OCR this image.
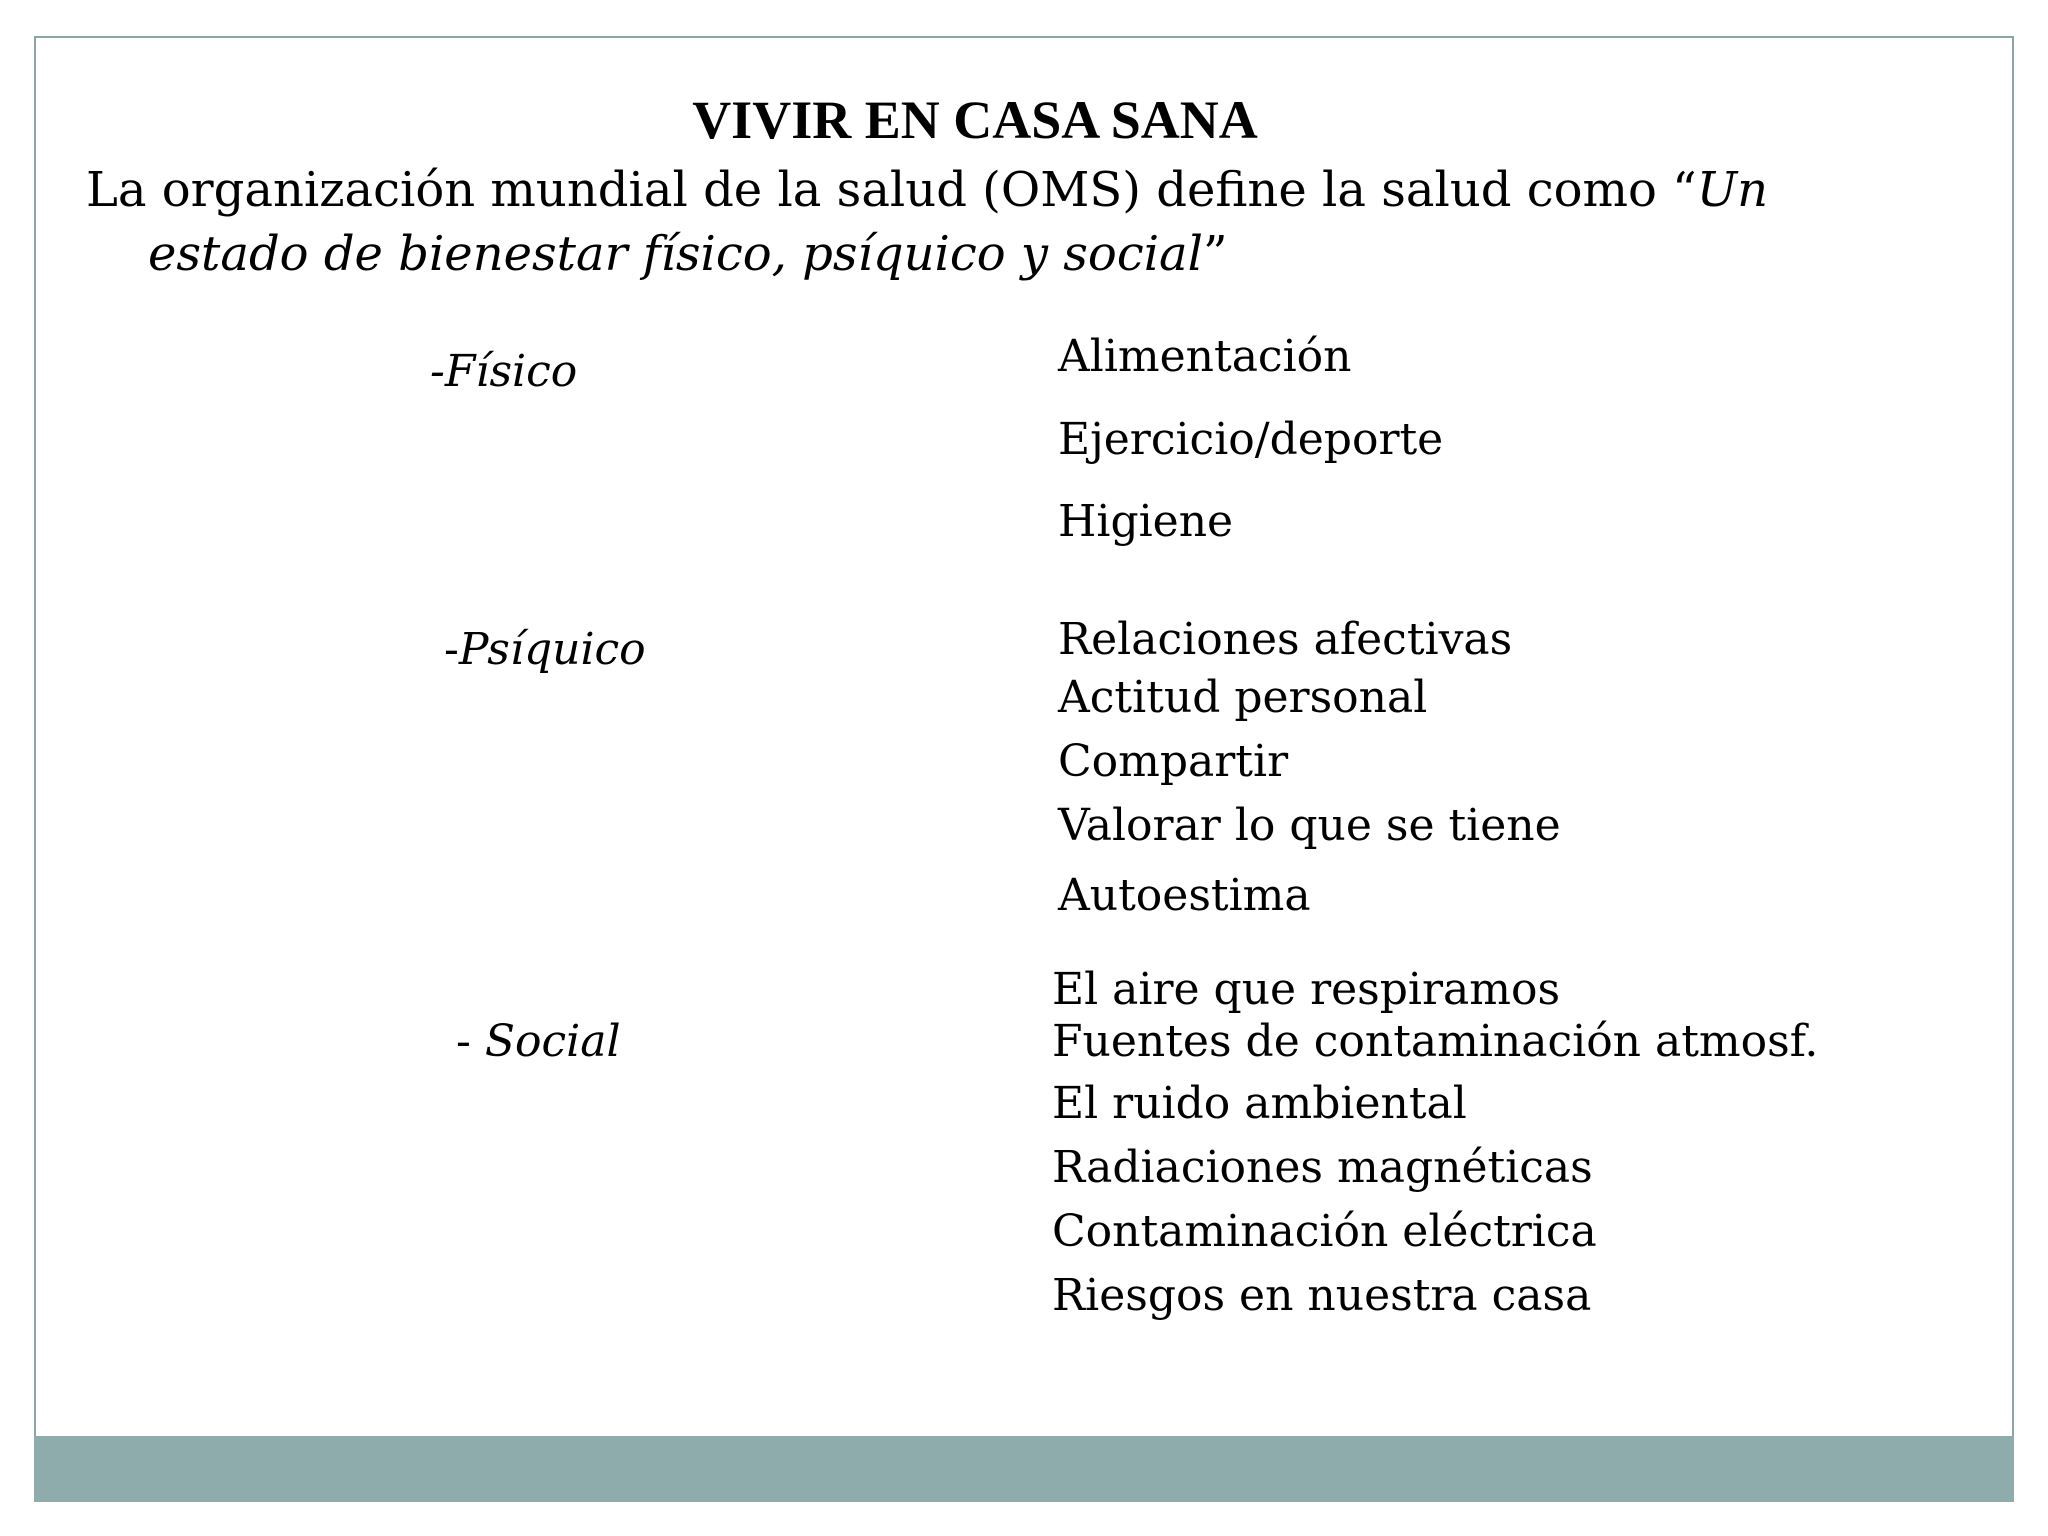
VIVIR EN CASA SANA
La organización mundial de la salud (OMS) define la salud como “Un
estado de bienestar físico, psíquico y social”
-Físico
-Psíquico
- Social
Alimentación
Ejercicio/deporte
Higiene
Relaciones afectivas
Actitud personal
Compartir
Valorar lo que se tiene
Autoestima
El aire que respiramos
Fuentes de contaminación atmosf.
El ruido ambiental
Radiaciones magnéticas
Contaminación eléctrica
Riesgos en nuestra casa
